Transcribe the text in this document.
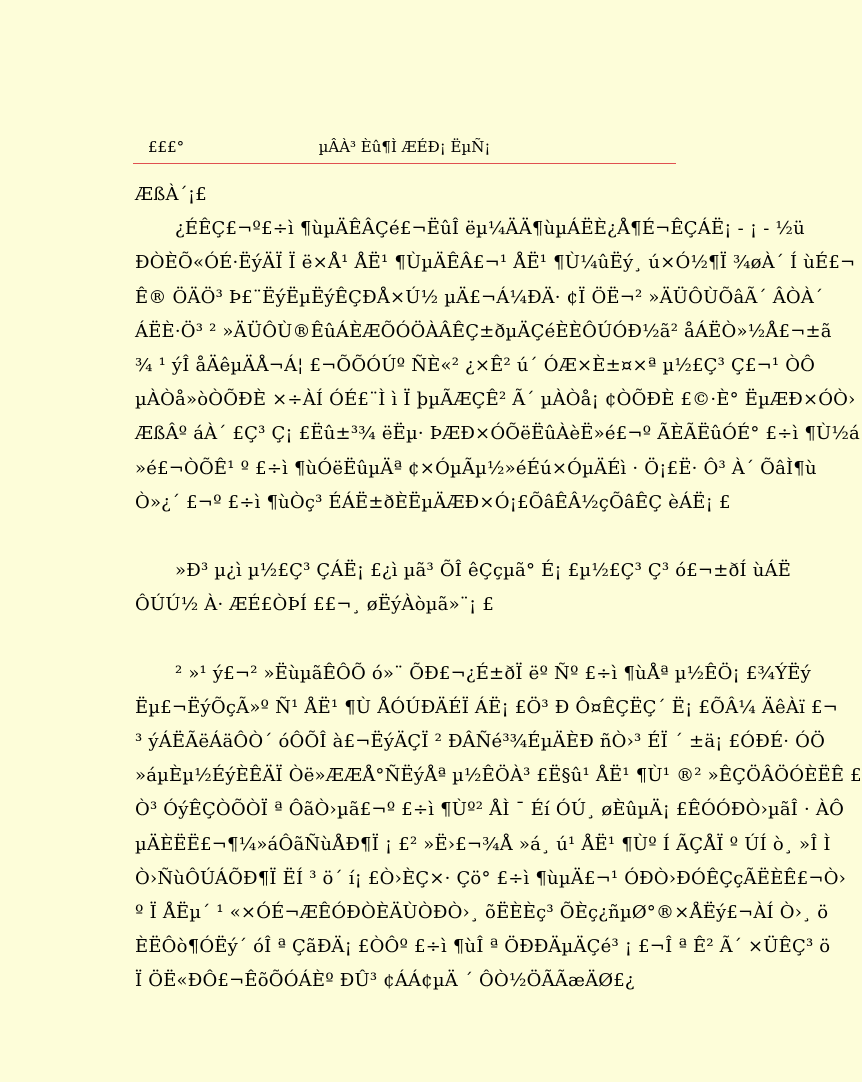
£££°	µÂÀ³ Èû¶Ì ÆÉÐ¡ ËµÑ¡
ÆßÀ´¡£
¿ÉÊÇ£¬º£÷ì ¶ùµÄÊÂÇé£¬ËûÎ ëµ¼ÄÄ¶ùµÁËÈ¿Å¶É¬ÊÇÁË¡ - ¡ - ½ü
ÐÒÈÕ«ÓÉ·ËýÄÏ Ï ë×Å¹ ÅË¹ ¶ÙµÄÊÂ£¬¹ ÅË¹ ¶Ù¼ûËý¸ ú×Ó½¶Ï ¾øÀ´ Í ùÉ£¬
Ê® ÖÄÖ³ Þ£¨ËýËµËýÊÇÐÅ×Ú½ µÄ£¬Á¼ÐÄ· ¢Ï ÖË¬² »ÄÜÔÙÕâÃ´ ÂÒÀ´
ÁËÈ·Ö³ ² »ÄÜÔÙ®ÊûÁÈÆÕÓÖÀÂÊÇ±ðµÄÇéÈÈÔÚÓÐ½ã² åÁËÒ»½Å£¬±ã
¾ ¹ ýÎ åÄêµÄÅ¬Á¦ £¬ÕÕÓÚº ÑÈ«² ¿×Ê² ú´ ÓÆ×È±¤×ª µ½£Ç³ Ç£¬¹ ÒÔ
µÀÒå»òÒÕÐÈ ×÷ÀÍ ÓÉ£¨Ì ì Ï þµÃÆÇÊ² Ã´ µÀÒå¡ ¢ÒÕÐÈ £©·È° ËµÆÐ×ÓÒ›
ÆßÂº áÀ´ £Ç³ Ç¡ £Ëû±³¾ ëËµ· ÞÆÐ×ÓÕëËûÀèË»é£¬º ÃÈÃËûÓÉ° £÷ì ¶Ù½á
»é£¬ÒÕÊ¹ º £÷ì ¶ùÓëËûµÄª ¢×ÓµÃµ½»éÉú×ÓµÄÉì · Ö¡£Ë· Ô³ À´ ÕâÌ¶ù
Ò»¿´ £¬º £÷ì ¶ùÒç³ ÉÁË±ðÈËµÄÆÐ×Ó¡£ÕâÊÂ½çÕâÊÇ èÁË¡ £
»Ð³ µ¿ì µ½£Ç³ ÇÁË¡ £¿ì µã³ ÕÎ êÇçµã° É¡ £µ½£Ç³ Ç³ ó£¬±ðÍ ùÁË
ÔÚÚ½ À· ÆÉ£ÒÞÍ ££¬¸ øËýÀòµã»¨¡ £
² »¹ ý£¬² »ËùµãÊÔÕ ó»¨ ÕÐ£¬¿É±ðÏ ëº Ñº £÷ì ¶ùÅª µ½ÊÖ¡ £¾ÝËý
Ëµ£¬ËýÕçÃ»º Ñ¹ ÅË¹ ¶Ù ÅÓÚÐÄÉÏ ÁË¡ £Ö³ Ð Ô¤ÊÇËÇ´ Ë¡ £ÕÂ¼ ÄêÀï £¬
³ ýÁËÃëÁäÔÒ´ óÔÕÎ à£¬ËýÄÇÏ ² ÐÂÑé³¾ÉµÄÈÐ ñÒ›³ ÉÏ ´ ±ä¡ £ÓÐÉ· ÓÖ
»áµÈµ½ÉýÈÊÄÏ Òë»ÆÆÅ°ÑËýÅª µ½ÊÖÀ³ £Ë§û¹ ÅË¹ ¶Ù¹ ®² »ÊÇÖÂÖÓÈËÊ £
Ò³ ÓýÊÇÒÕÒÏ ª ÔãÒ›µã£¬º £÷ì ¶Ùº² ÅÌ ¯ Éí ÓÚ¸ øÈûµÄ¡ £ÊÓÓÐÒ›µãÎ · ÀÔ
µÄÈËË£¬¶¼»áÔãÑùÅÐ¶Ï ¡ £² »Ë›£¬¾Å »á¸ ú¹ ÅË¹ ¶Ùº Í ÃÇÅÏ º ÚÍ ò¸ »Î Ì
Ò›ÑùÔÚÁÕÐ¶Ï ËÍ ³ ö´ í¡ £Ò›ÈÇ×· Çö° £÷ì ¶ùµÄ£¬¹ ÓÐÒ›ÐÓÊÇçÃËÈÊ£¬Ò›
º Ï ÅËµ´ ¹ «×ÓÉ¬ÆÊÓÐÒÈÄÙÒÐÒ›¸ õËÈÈç³ ÕÈç¿ñµØ°®×ÅËý£¬ÀÍ Ò›¸ ö
ÈËÔò¶ÓËý´ óÎ ª ÇãÐÄ¡ £ÒÔº £÷ì ¶ùÎ ª ÖÐÐÄµÄÇé³ ¡ £¬Î ª Ê² Ã´ ×ÜÊÇ³ ö
Ï ÖË«ÐÔ£¬ÊõÕÓÁÈº ÐÛ³ ¢ÁÁ¢µÄ ´ ÔÒ½ÖÃÃæÄØ£¿
